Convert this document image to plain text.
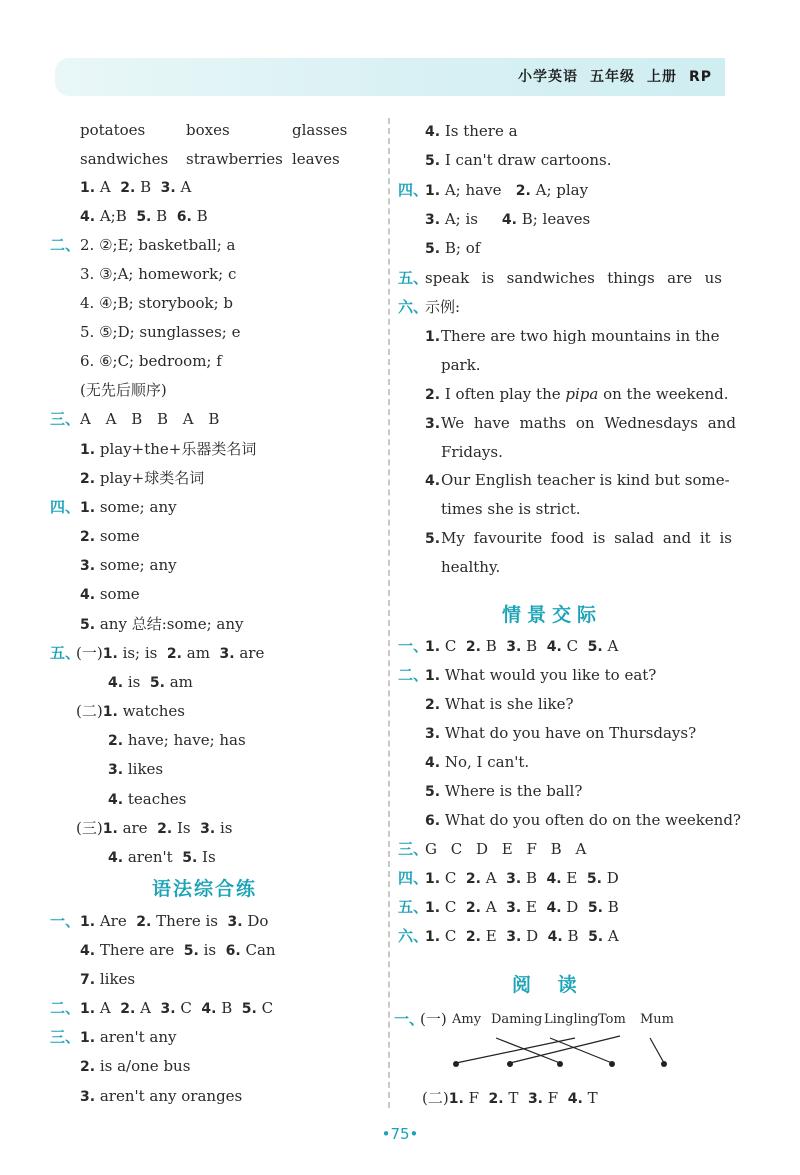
小学英语 五年级 上册 RP
potatoes	boxes	glasses
sandwiches strawberries leaves
1. A 2. B 3. A
4. A;B 5. B 6. B
二、 2. ②;E; basketball; a
3. ③;A; homework; c
4. ④;B; storybook; b
5. ⑤;D; sunglasses; e
6. ⑥;C; bedroom; f
(无先后顺序)
三、 A A B B A B
1. play+the+乐器类名词
2. play+球类名词
四、 1. some; any
2. some
3. some; any
4. some
5. any 总结:some; any
五、
(一)1. is; is 2. am 3. are
4. is 5. am
(二)1. watches
2. have; have; has
3. likes
4. teaches
(三)1. are 2. Is 3. is
4. aren't 5. Is
语法综合练
一、 1. Are 2. There is 3. Do
4. There are 5. is 6. Can
7. likes
二、 1. A 2. A 3. C 4. B 5. C
三、 1. aren't any
2. is a/one bus
3. aren't any oranges
4. Is there a
5. I can't draw cartoons.
四、
1. A; have 2. A; play
3. A; is 4. B; leaves
5. B; of
五、
speak is sandwiches things are us
六、
示例:
1. There are two high mountains in the
park.
2. I often play the pipa on the weekend.
3. We have maths on Wednesdays and
Fridays.
4. Our English teacher is kind but some-
times she is strict.
5. My favourite food is salad and it is
healthy.
情景交际
一、
1. C 2. B 3. B 4. C 5. A
二、
1. What would you like to eat?
2. What is she like?
3. What do you have on Thursdays?
4. No, I can't.
5. Where is the ball?
6. What do you often do on the weekend?
三、
G C D E F B A
四、
1. C 2. A 3. B 4. E 5. D
五、
1. C 2. A 3. E 4. D 5. B
六、
1. C 2. E 3. D 4. B 5. A
阅 读
一、
(一) Amy Daming Lingling Tom Mum
(二)1. F 2. T 3. F 4. T
•75•
